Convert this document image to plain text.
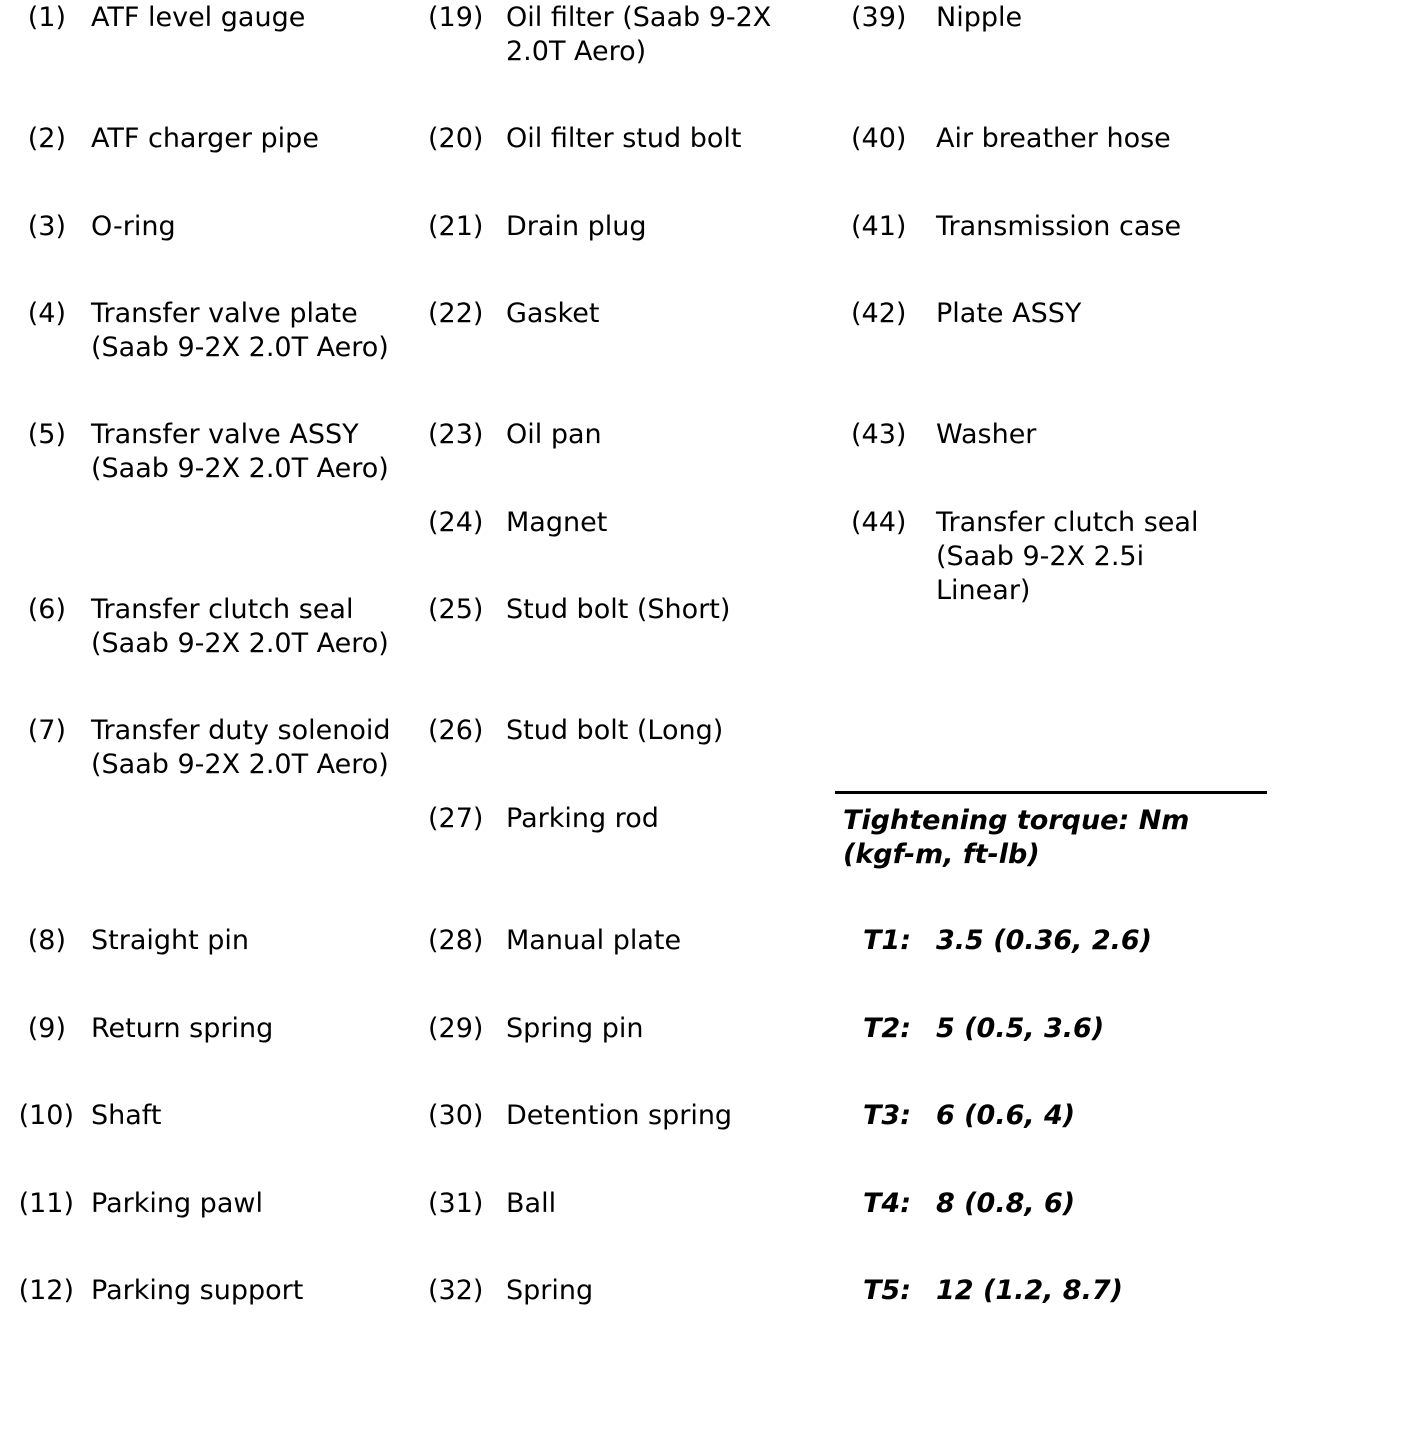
(1) ATF level gauge
(2) ATF charger pipe
(3) O-ring
(4) Transfer valve plate (Saab 9-2X 2.0T Aero)
(5) Transfer valve ASSY (Saab 9-2X 2.0T Aero)
(6) Transfer clutch seal (Saab 9-2X 2.0T Aero)
(7) Transfer duty solenoid (Saab 9-2X 2.0T Aero)
(8) Straight pin
(9) Return spring
(10) Shaft
(11) Parking pawl
(12) Parking support
(19) Oil filter (Saab 9-2X 2.0T Aero)
(20) Oil filter stud bolt
(21) Drain plug
(22) Gasket
(23) Oil pan
(24) Magnet
(25) Stud bolt (Short)
(26) Stud bolt (Long)
(27) Parking rod
(28) Manual plate
(29) Spring pin
(30) Detention spring
(31) Ball
(32) Spring
(39) Nipple
(40) Air breather hose
(41) Transmission case
(42) Plate ASSY
(43) Washer
(44) Transfer clutch seal (Saab 9-2X 2.5i Linear)
Tightening torque: Nm (kgf-m, ft-lb)
T1: 3.5 (0.36, 2.6)
T2: 5 (0.5, 3.6)
T3: 6 (0.6, 4)
T4: 8 (0.8, 6)
T5: 12 (1.2, 8.7)
